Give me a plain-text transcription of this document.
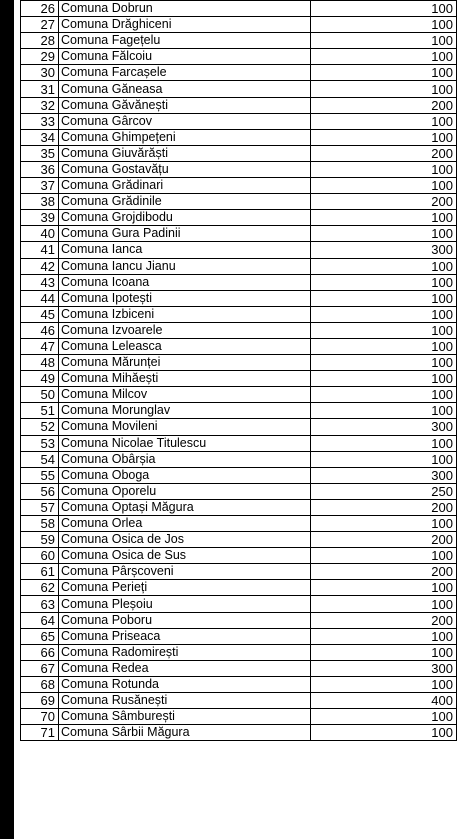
26	Comuna Dobrun	100
27	Comuna Drăghiceni	100
28	Comuna Fagețelu	100
29	Comuna Fălcoiu	100
30	Comuna Farcașele	100
31	Comuna Găneasa	100
32	Comuna Găvănești	200
33	Comuna Gârcov	100
34	Comuna Ghimpețeni	100
35	Comuna Giuvărăști	200
36	Comuna Gostavățu	100
37	Comuna Grădinari	100
38	Comuna Grădinile	200
39	Comuna Grojdibodu	100
40	Comuna Gura Padinii	100
41	Comuna Ianca	300
42	Comuna Iancu Jianu	100
43	Comuna Icoana	100
44	Comuna Ipotești	100
45	Comuna Izbiceni	100
46	Comuna Izvoarele	100
47	Comuna Leleasca	100
48	Comuna Mărunței	100
49	Comuna Mihăești	100
50	Comuna Milcov	100
51	Comuna Morunglav	100
52	Comuna Movileni	300
53	Comuna Nicolae Titulescu	100
54	Comuna Obârșia	100
55	Comuna Oboga	300
56	Comuna Oporelu	250
57	Comuna Optași Măgura	200
58	Comuna Orlea	100
59	Comuna Osica de Jos	200
60	Comuna Osica de Sus	100
61	Comuna Pârșcoveni	200
62	Comuna Perieți	100
63	Comuna Pleșoiu	100
64	Comuna Poboru	200
65	Comuna Priseaca	100
66	Comuna Radomirești	100
67	Comuna Redea	300
68	Comuna Rotunda	100
69	Comuna Rusănești	400
70	Comuna Sâmburești	100
71	Comuna Sârbii Măgura	100
